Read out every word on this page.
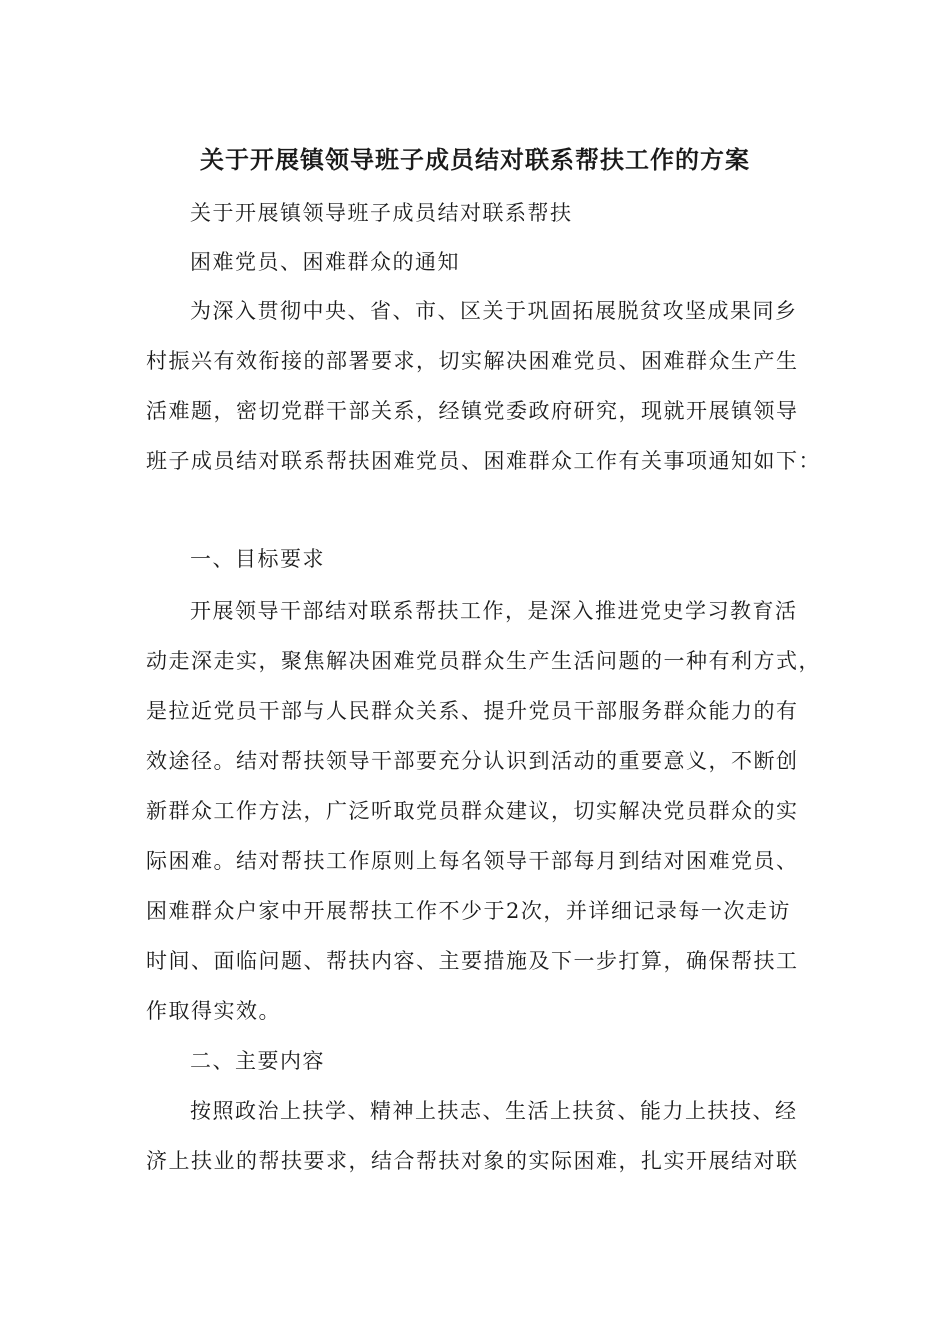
关于开展镇领导班子成员结对联系帮扶工作的方案
关于开展镇领导班子成员结对联系帮扶
困难党员、困难群众的通知
为深入贯彻中央、省、市、区关于巩固拓展脱贫攻坚成果同乡
村振兴有效衔接的部署要求，切实解决困难党员、困难群众生产生
活难题，密切党群干部关系，经镇党委政府研究，现就开展镇领导
班子成员结对联系帮扶困难党员、困难群众工作有关事项通知如下：
一、目标要求
开展领导干部结对联系帮扶工作，是深入推进党史学习教育活
动走深走实，聚焦解决困难党员群众生产生活问题的一种有利方式，
是拉近党员干部与人民群众关系、提升党员干部服务群众能力的有
效途径。结对帮扶领导干部要充分认识到活动的重要意义，不断创
新群众工作方法，广泛听取党员群众建议，切实解决党员群众的实
际困难。结对帮扶工作原则上每名领导干部每月到结对困难党员、
困难群众户家中开展帮扶工作不少于2次，并详细记录每一次走访
时间、面临问题、帮扶内容、主要措施及下一步打算，确保帮扶工
作取得实效。
二、主要内容
按照政治上扶学、精神上扶志、生活上扶贫、能力上扶技、经
济上扶业的帮扶要求，结合帮扶对象的实际困难，扎实开展结对联
